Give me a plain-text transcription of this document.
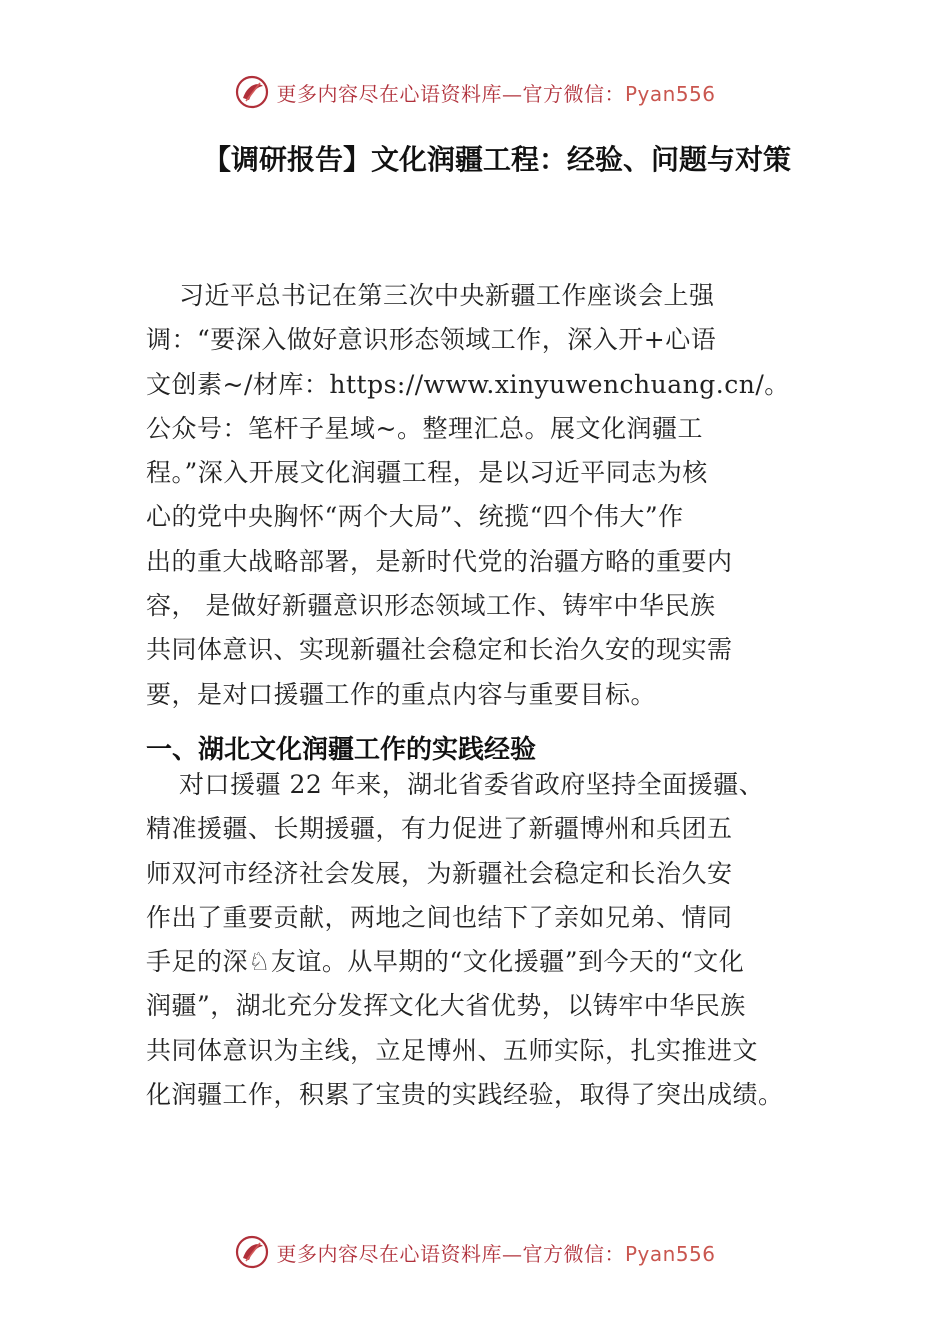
更多内容尽在心语资料库—官方微信：Pyan556
【调研报告】文化润疆工程：经验、问题与对策
习近平总书记在第三次中央新疆工作座谈会上强
调：“要深入做好意识形态领域工作，深入开+心语
文创素~/材库：https://www.xinyuwenchuang.cn/。
公众号：笔杆子星域~。整理汇总。展文化润疆工
程。”深入开展文化润疆工程，是以习近平同志为核
心的党中央胸怀“两个大局”、统揽“四个伟大”作
出的重大战略部署，是新时代党的治疆方略的重要内
容， 是做好新疆意识形态领域工作、铸牢中华民族
共同体意识、实现新疆社会稳定和长治久安的现实需
要，是对口援疆工作的重点内容与重要目标。
一、湖北文化润疆工作的实践经验
对口援疆 22 年来，湖北省委省政府坚持全面援疆、
精准援疆、长期援疆，有力促进了新疆博州和兵团五
师双河市经济社会发展，为新疆社会稳定和长治久安
作出了重要贡献，两地之间也结下了亲如兄弟、情同
手足的深♘友谊。从早期的“文化援疆”到今天的“文化
润疆”，湖北充分发挥文化大省优势，以铸牢中华民族
共同体意识为主线，立足博州、五师实际，扎实推进文
化润疆工作，积累了宝贵的实践经验，取得了突出成绩。
更多内容尽在心语资料库—官方微信：Pyan556
